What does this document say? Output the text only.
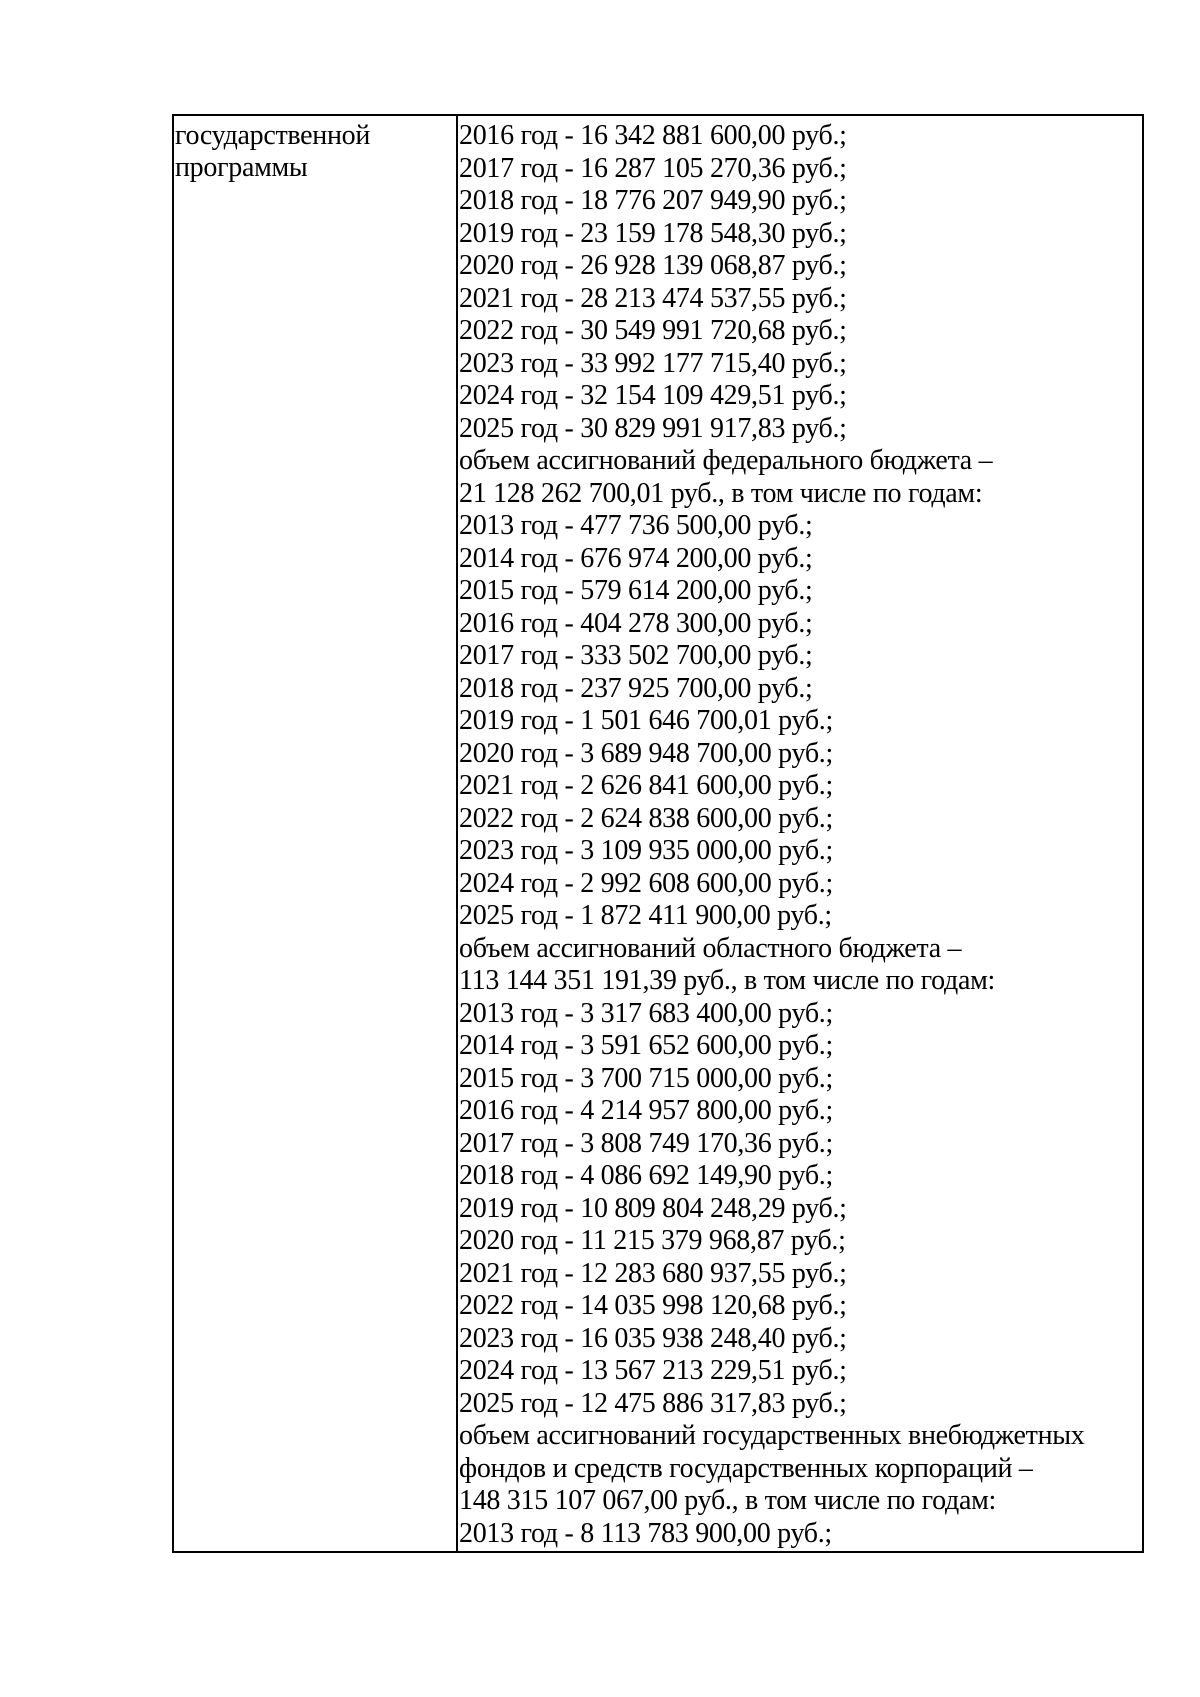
государственной
программы
2016 год - 16 342 881 600,00 руб.;
2017 год - 16 287 105 270,36 руб.;
2018 год - 18 776 207 949,90 руб.;
2019 год - 23 159 178 548,30 руб.;
2020 год - 26 928 139 068,87 руб.;
2021 год - 28 213 474 537,55 руб.;
2022 год - 30 549 991 720,68 руб.;
2023 год - 33 992 177 715,40 руб.;
2024 год - 32 154 109 429,51 руб.;
2025 год - 30 829 991 917,83 руб.;
объем ассигнований федерального бюджета –
21 128 262 700,01 руб., в том числе по годам:
2013 год - 477 736 500,00 руб.;
2014 год - 676 974 200,00 руб.;
2015 год - 579 614 200,00 руб.;
2016 год - 404 278 300,00 руб.;
2017 год - 333 502 700,00 руб.;
2018 год - 237 925 700,00 руб.;
2019 год - 1 501 646 700,01 руб.;
2020 год - 3 689 948 700,00 руб.;
2021 год - 2 626 841 600,00 руб.;
2022 год - 2 624 838 600,00 руб.;
2023 год - 3 109 935 000,00 руб.;
2024 год - 2 992 608 600,00 руб.;
2025 год - 1 872 411 900,00 руб.;
объем ассигнований областного бюджета –
113 144 351 191,39 руб., в том числе по годам:
2013 год - 3 317 683 400,00 руб.;
2014 год - 3 591 652 600,00 руб.;
2015 год - 3 700 715 000,00 руб.;
2016 год - 4 214 957 800,00 руб.;
2017 год - 3 808 749 170,36 руб.;
2018 год - 4 086 692 149,90 руб.;
2019 год - 10 809 804 248,29 руб.;
2020 год - 11 215 379 968,87 руб.;
2021 год - 12 283 680 937,55 руб.;
2022 год - 14 035 998 120,68 руб.;
2023 год - 16 035 938 248,40 руб.;
2024 год - 13 567 213 229,51 руб.;
2025 год - 12 475 886 317,83 руб.;
объем ассигнований государственных внебюджетных
фондов и средств государственных корпораций –
148 315 107 067,00 руб., в том числе по годам:
2013 год - 8 113 783 900,00 руб.;
